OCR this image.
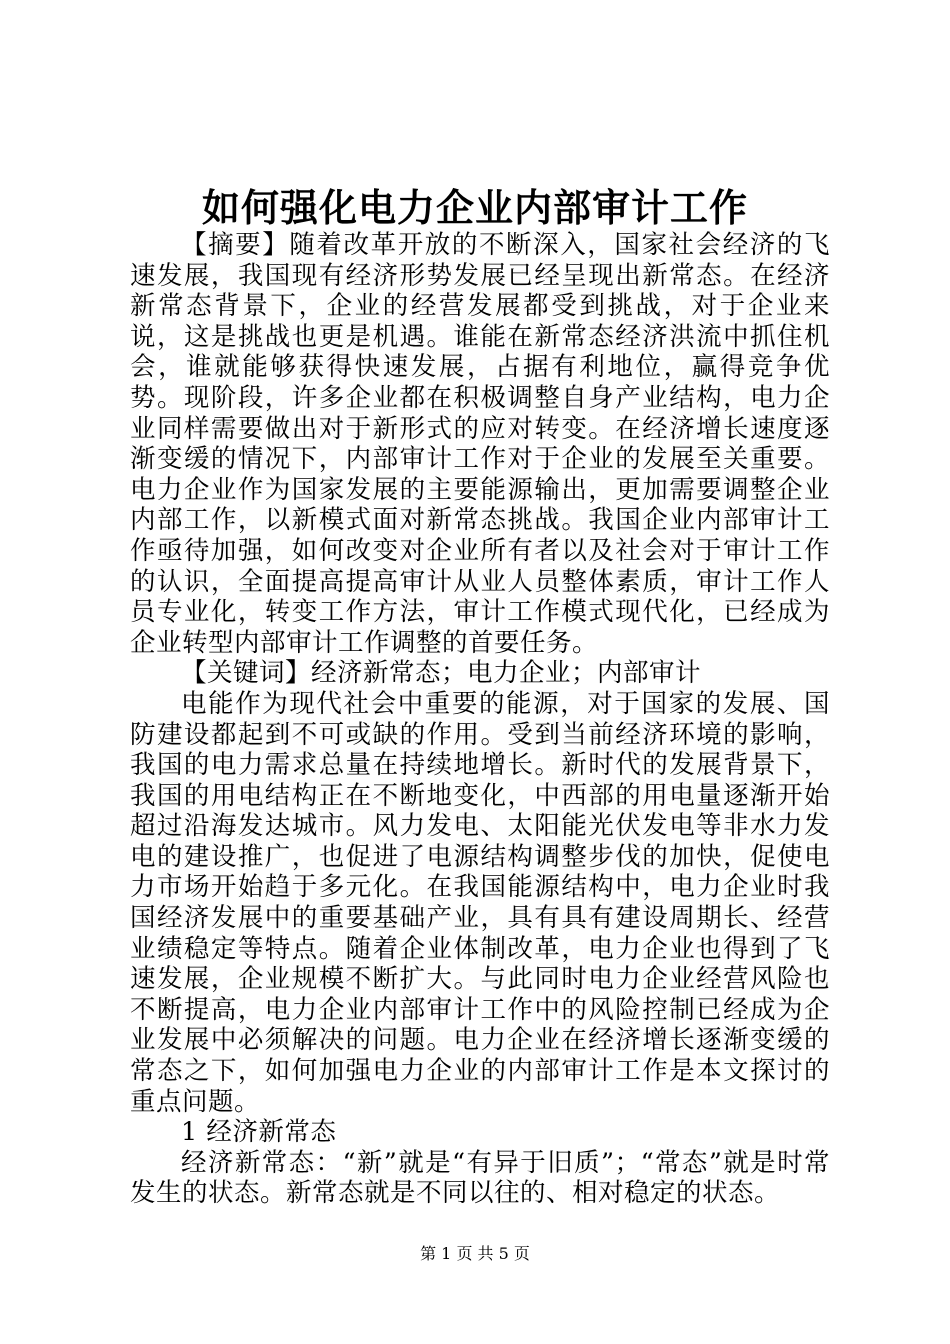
如何强化电力企业内部审计工作

【摘要】随着改革开放的不断深入，国家社会经济的飞速发展，我国现有经济形势发展已经呈现出新常态。在经济新常态背景下，企业的经营发展都受到挑战，对于企业来说，这是挑战也更是机遇。谁能在新常态经济洪流中抓住机会，谁就能够获得快速发展，占据有利地位，赢得竞争优势。现阶段，许多企业都在积极调整自身产业结构，电力企业同样需要做出对于新形式的应对转变。在经济增长速度逐渐变缓的情况下，内部审计工作对于企业的发展至关重要。电力企业作为国家发展的主要能源输出，更加需要调整企业内部工作，以新模式面对新常态挑战。我国企业内部审计工作亟待加强，如何改变对企业所有者以及社会对于审计工作的认识，全面提高提高审计从业人员整体素质，审计工作人员专业化，转变工作方法，审计工作模式现代化，已经成为企业转型内部审计工作调整的首要任务。

【关键词】经济新常态；电力企业；内部审计

电能作为现代社会中重要的能源，对于国家的发展、国防建设都起到不可或缺的作用。受到当前经济环境的影响，我国的电力需求总量在持续地增长。新时代的发展背景下，我国的用电结构正在不断地变化，中西部的用电量逐渐开始超过沿海发达城市。风力发电、太阳能光伏发电等非水力发电的建设推广，也促进了电源结构调整步伐的加快，促使电力市场开始趋于多元化。在我国能源结构中，电力企业时我国经济发展中的重要基础产业，具有具有建设周期长、经营业绩稳定等特点。随着企业体制改革，电力企业也得到了飞速发展，企业规模不断扩大。与此同时电力企业经营风险也不断提高，电力企业内部审计工作中的风险控制已经成为企业发展中必须解决的问题。电力企业在经济增长逐渐变缓的常态之下，如何加强电力企业的内部审计工作是本文探讨的重点问题。

1 经济新常态

经济新常态：“新”就是“有异于旧质”；“常态”就是时常发生的状态。新常态就是不同以往的、相对稳定的状态。

第 1 页 共 5 页
